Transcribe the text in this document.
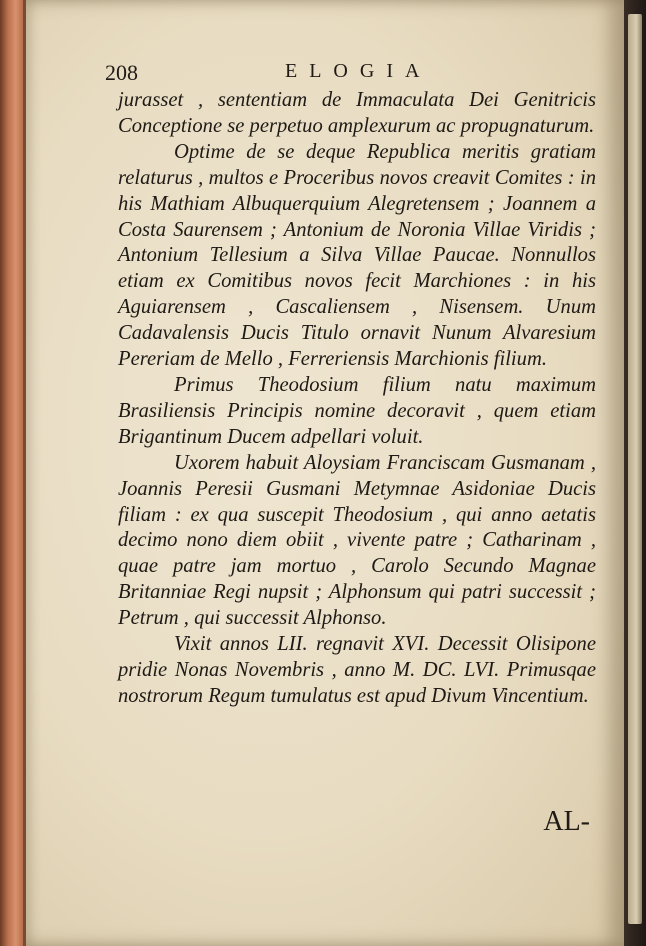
208	ELOGIA

jurasset , sententiam de Immaculata Dei Genitricis Conceptione se perpetuo amplexurum ac propugnaturum.

Optime de se deque Republica meritis gratiam relaturus , multos e Proceribus novos creavit Comites : in his Mathiam Albuquerquium Alegretensem ; Joannem a Costa Saurensem ; Antonium de Noronia Villae Viridis ; Antonium Tellesium a Silva Villae Paucae. Nonnullos etiam ex Comitibus novos fecit Marchiones : in his Aguiarensem , Cascaliensem , Nisensem. Unum Cadavalensis Ducis Titulo ornavit Nunum Alvaresium Pereriam de Mello , Ferreriensis Marchionis filium.

Primus Theodosium filium natu maximum Brasiliensis Principis nomine decoravit , quem etiam Brigantinum Ducem adpellari voluit.

Uxorem habuit Aloysiam Franciscam Gusmanam , Joannis Peresii Gusmani Metymnae Asidoniae Ducis filiam : ex qua suscepit Theodosium , qui anno aetatis decimo nono diem obiit , vivente patre ; Catharinam , quae patre jam mortuo , Carolo Secundo Magnae Britanniae Regi nupsit ; Alphonsum qui patri successit ; Petrum , qui successit Alphonso.

Vixit annos LII. regnavit XVI. Decessit Olisipone pridie Nonas Novembris , anno M. DC. LVI. Primusqae nostrorum Regum tumulatus est apud Divum Vincentium.

AL-
